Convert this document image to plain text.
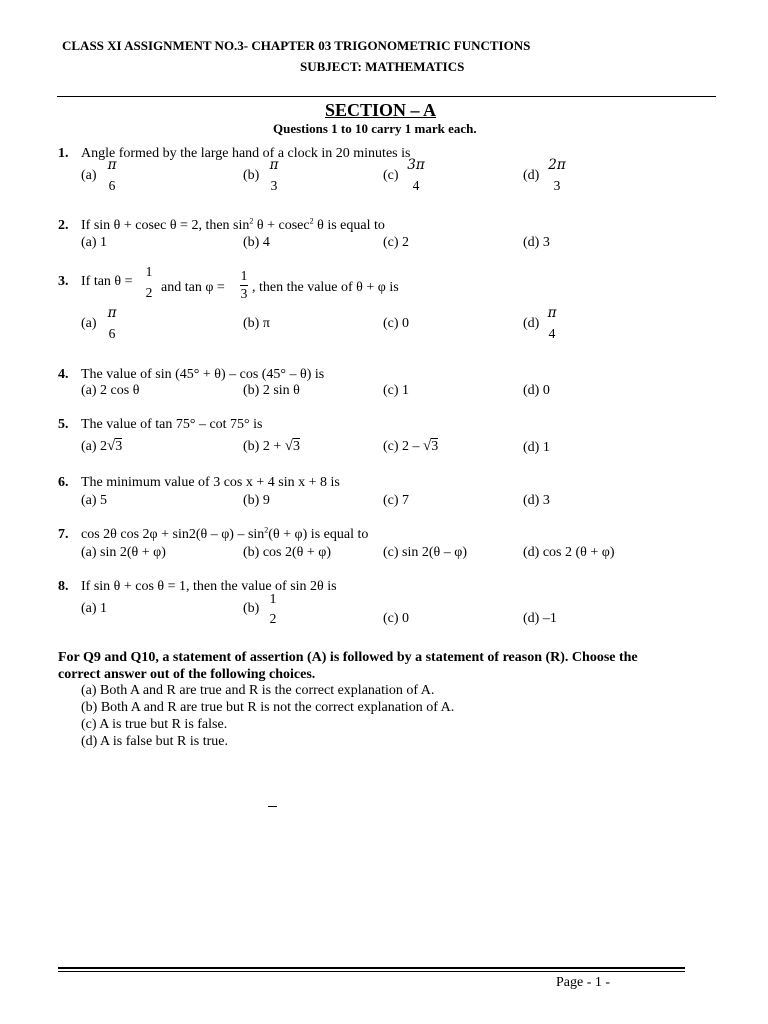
CLASS XI ASSIGNMENT NO.3- CHAPTER 03 TRIGONOMETRIC FUNCTIONS
SUBJECT: MATHEMATICS
SECTION – A
Questions 1 to 10 carry 1 mark each.
1. Angle formed by the large hand of a clock in 20 minutes is
(a)
π
6
(b)
π
3
(c)
3π
4
(d)
2π
3
2. If sin θ + cosec θ = 2, then $\sin^2 \theta + cosec^2$ θ is equal to
(a) 1	(b) 4	(c) 2	(d) 3
3. If tan θ =
1
2 and tan φ =
1
3 , then the value of θ + φ is
(a)
π
6
(b) π	(c) 0	(d)
π
4
4. The value of sin (45° + θ) – cos (45° – θ) is
(a) 2 cos θ	(b) 2 sin θ	(c) 1	(d) 0
5. The value of tan 75° – cot 75° is
(a) 2√3	(b) 2 + √3	(c) 2 – √3	(d) 1
6. The minimum value of 3 cos x + 4 sin x + 8 is
(a) 5	(b) 9	(c) 7	(d) 3
7. cos 2θ $\cos 2\varphi + \sin 2(\theta - \varphi) - \sin^2(\theta + \varphi)$ is equal to
(a) sin 2(θ + φ)	(b) cos 2(θ + φ)	(c) sin 2(θ – φ)	(d) cos 2 (θ + φ)
8. If sin θ + cos θ = 1, then the value of sin 2θ is
(a) 1	(b)
1
2	(c) 0	(d) –1
For Q9 and Q10, a statement of assertion (A) is followed by a statement of reason (R). Choose the
correct answer out of the following choices.
(a) Both A and R are true and R is the correct explanation of A.
(b) Both A and R are true but R is not the correct explanation of A.
(c) A is true but R is false.
(d) A is false but R is true.
Page - 1 -
